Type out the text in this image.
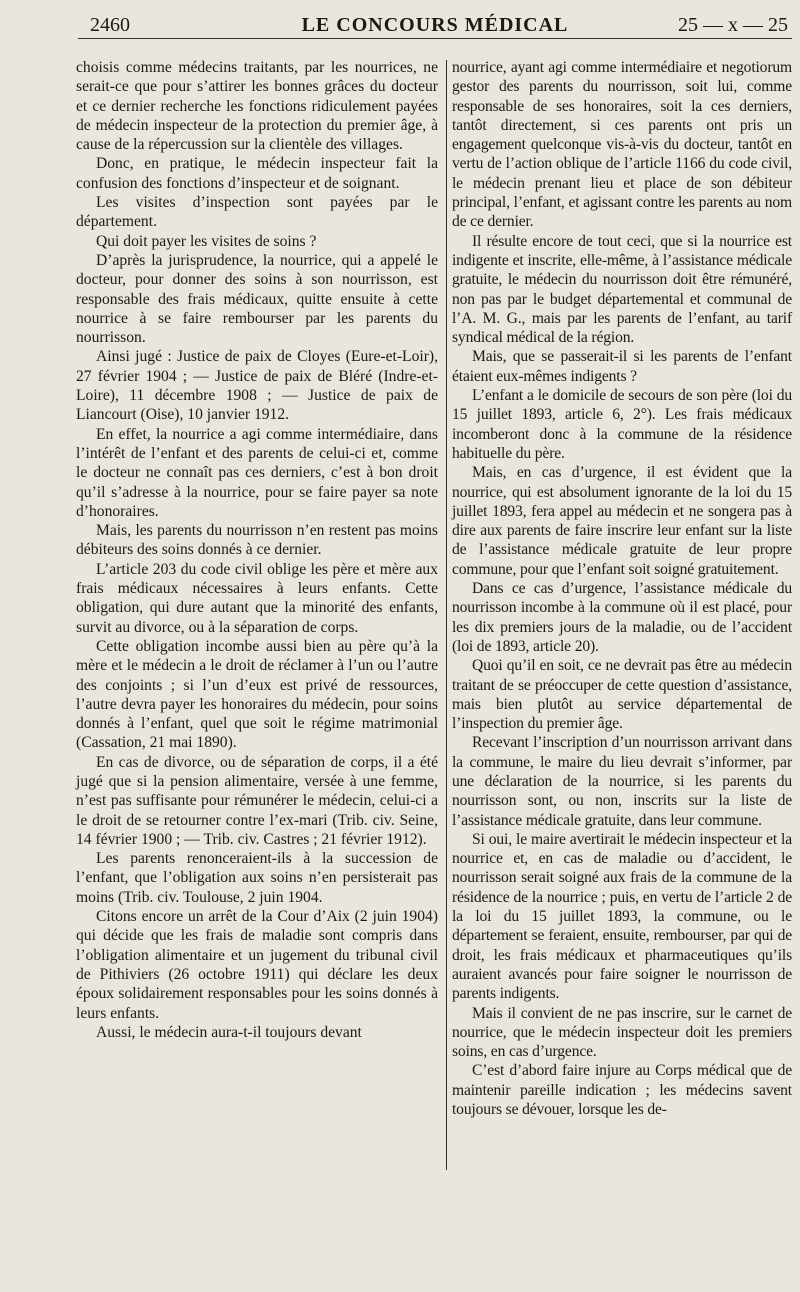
2460	LE CONCOURS MÉDICAL	25 — x — 25

choisis comme médecins traitants, par les nourrices, ne serait-ce que pour s’attirer les bonnes grâces du docteur et ce dernier recherche les fonctions ridiculement payées de médecin inspecteur de la protection du premier âge, à cause de la répercussion sur la clientèle des villages.

Donc, en pratique, le médecin inspecteur fait la confusion des fonctions d’inspecteur et de soignant.

Les visites d’inspection sont payées par le département.

Qui doit payer les visites de soins ?

D’après la jurisprudence, la nourrice, qui a appelé le docteur, pour donner des soins à son nourrisson, est responsable des frais médicaux, quitte ensuite à cette nourrice à se faire rembourser par les parents du nourrisson.

Ainsi jugé : Justice de paix de Cloyes (Eure-et-Loir), 27 février 1904 ; — Justice de paix de Bléré (Indre-et-Loire), 11 décembre 1908 ; — Justice de paix de Liancourt (Oise), 10 janvier 1912.

En effet, la nourrice a agi comme intermédiaire, dans l’intérêt de l’enfant et des parents de celui-ci et, comme le docteur ne connaît pas ces derniers, c’est à bon droit qu’il s’adresse à la nourrice, pour se faire payer sa note d’honoraires.

Mais, les parents du nourrisson n’en restent pas moins débiteurs des soins donnés à ce dernier.

L’article 203 du code civil oblige les père et mère aux frais médicaux nécessaires à leurs enfants. Cette obligation, qui dure autant que la minorité des enfants, survit au divorce, ou à la séparation de corps.

Cette obligation incombe aussi bien au père qu’à la mère et le médecin a le droit de réclamer à l’un ou l’autre des conjoints ; si l’un d’eux est privé de ressources, l’autre devra payer les honoraires du médecin, pour soins donnés à l’enfant, quel que soit le régime matrimonial (Cassation, 21 mai 1890).

En cas de divorce, ou de séparation de corps, il a été jugé que si la pension alimentaire, versée à une femme, n’est pas suffisante pour rémunérer le médecin, celui-ci a le droit de se retourner contre l’ex-mari (Trib. civ. Seine, 14 février 1900 ; — Trib. civ. Castres ; 21 février 1912).

Les parents renonceraient-ils à la succession de l’enfant, que l’obligation aux soins n’en persisterait pas moins (Trib. civ. Toulouse, 2 juin 1904.

Citons encore un arrêt de la Cour d’Aix (2 juin 1904) qui décide que les frais de maladie sont compris dans l’obligation alimentaire et un jugement du tribunal civil de Pithiviers (26 octobre 1911) qui déclare les deux époux solidairement responsables pour les soins donnés à leurs enfants.

Aussi, le médecin aura-t-il toujours devant

nourrice, ayant agi comme intermédiaire et negotiorum gestor des parents du nourrisson, soit lui, comme responsable de ses honoraires, soit la ces derniers, tantôt directement, si ces parents ont pris un engagement quelconque vis-à-vis du docteur, tantôt en vertu de l’action oblique de l’article 1166 du code civil, le médecin prenant lieu et place de son débiteur principal, l’enfant, et agissant contre les parents au nom de ce dernier.

Il résulte encore de tout ceci, que si la nourrice est indigente et inscrite, elle-même, à l’assistance médicale gratuite, le médecin du nourrisson doit être rémunéré, non pas par le budget départemental et communal de l’A. M. G., mais par les parents de l’enfant, au tarif syndical médical de la région.

Mais, que se passerait-il si les parents de l’enfant étaient eux-mêmes indigents ?

L’enfant a le domicile de secours de son père (loi du 15 juillet 1893, article 6, 2°). Les frais médicaux incomberont donc à la commune de la résidence habituelle du père.

Mais, en cas d’urgence, il est évident que la nourrice, qui est absolument ignorante de la loi du 15 juillet 1893, fera appel au médecin et ne songera pas à dire aux parents de faire inscrire leur enfant sur la liste de l’assistance médicale gratuite de leur propre commune, pour que l’enfant soit soigné gratuitement.

Dans ce cas d’urgence, l’assistance médicale du nourrisson incombe à la commune où il est placé, pour les dix premiers jours de la maladie, ou de l’accident (loi de 1893, article 20).

Quoi qu’il en soit, ce ne devrait pas être au médecin traitant de se préoccuper de cette question d’assistance, mais bien plutôt au service départemental de l’inspection du premier âge.

Recevant l’inscription d’un nourrisson arrivant dans la commune, le maire du lieu devrait s’informer, par une déclaration de la nourrice, si les parents du nourrisson sont, ou non, inscrits sur la liste de l’assistance médicale gratuite, dans leur commune.

Si oui, le maire avertirait le médecin inspecteur et la nourrice et, en cas de maladie ou d’accident, le nourrisson serait soigné aux frais de la commune de la résidence de la nourrice ; puis, en vertu de l’article 2 de la loi du 15 juillet 1893, la commune, ou le département se feraient, ensuite, rembourser, par qui de droit, les frais médicaux et pharmaceutiques qu’ils auraient avancés pour faire soigner le nourrisson de parents indigents.

Mais il convient de ne pas inscrire, sur le carnet de nourrice, que le médecin inspecteur doit les premiers soins, en cas d’urgence.

C’est d’abord faire injure au Corps médical que de maintenir pareille indication ; les médecins savent toujours se dévouer, lorsque les de-
